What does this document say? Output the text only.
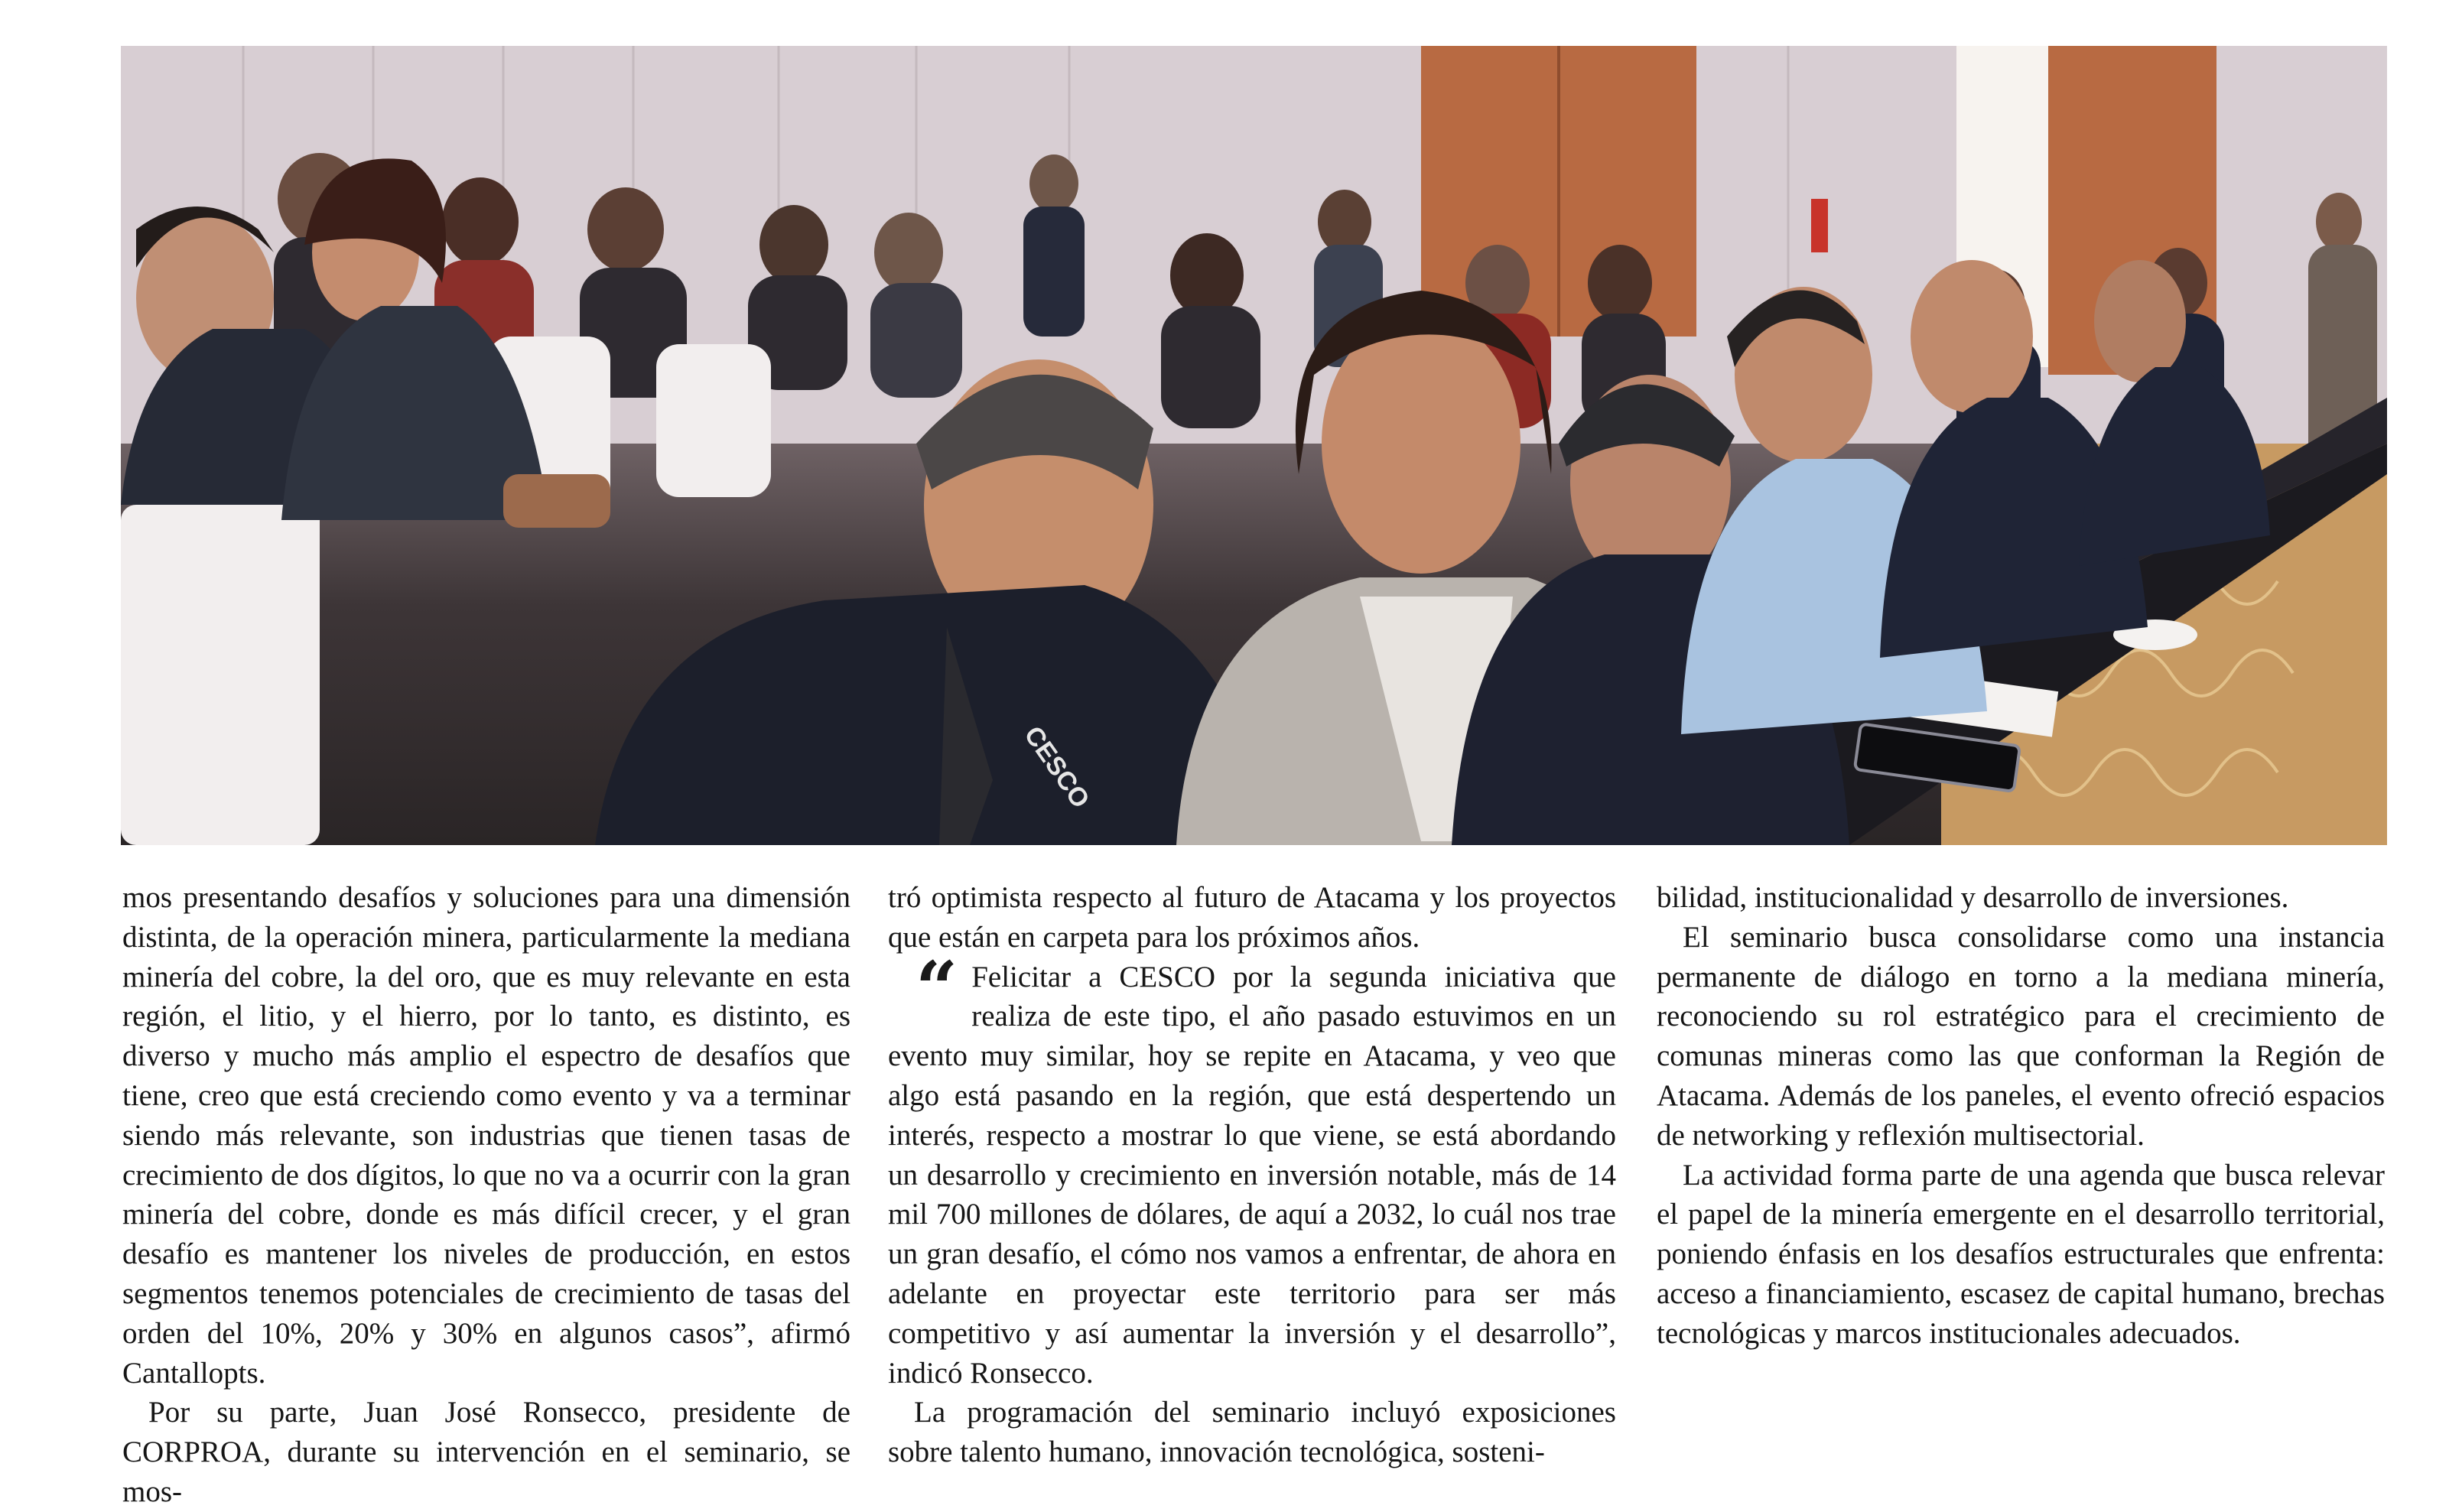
CESCO

mos presentando desafíos y soluciones para una dimensión distinta, de la operación minera, particularmente la mediana minería del cobre, la del oro, que es muy relevante en esta región, el litio, y el hierro, por lo tanto, es distinto, es diverso y mucho más amplio el espectro de desafíos que tiene, creo que está creciendo como evento y va a terminar siendo más relevante, son industrias que tienen tasas de crecimiento de dos dígitos, lo que no va a ocurrir con la gran minería del cobre, donde es más difícil crecer, y el gran desafío es mantener los niveles de producción, en estos segmentos tenemos potenciales de crecimiento de tasas del orden del 10%, 20% y 30% en algunos casos”, afirmó Cantallopts.

Por su parte, Juan José Ronsecco, presidente de CORPROA, durante su intervención en el seminario, se mos-

tró optimista respecto al futuro de Atacama y los proyectos que están en carpeta para los próximos años.

“ Felicitar a CESCO por la segunda iniciativa que realiza de este tipo, el año pasado estuvimos en un evento muy similar, hoy se repite en Atacama, y veo que algo está pasando en la región, que está despertendo un interés, respecto a mostrar lo que viene, se está abordando un desarrollo y crecimiento en inversión notable, más de 14 mil 700 millones de dólares, de aquí a 2032, lo cuál nos trae un gran desafío, el cómo nos vamos a enfrentar, de ahora en adelante en proyectar este territorio para ser más competitivo y así aumentar la inversión y el desarrollo”, indicó Ronsecco.

La programación del seminario incluyó exposiciones sobre talento humano, innovación tecnológica, sosteni-

bilidad, institucionalidad y desarrollo de inversiones.

El seminario busca consolidarse como una instancia permanente de diálogo en torno a la mediana minería, reconociendo su rol estratégico para el crecimiento de comunas mineras como las que conforman la Región de Atacama. Además de los paneles, el evento ofreció espacios de networking y reflexión multisectorial.

La actividad forma parte de una agenda que busca relevar el papel de la minería emergente en el desarrollo territorial, poniendo énfasis en los desafíos estructurales que enfrenta: acceso a financiamiento, escasez de capital humano, brechas tecnológicas y marcos institucionales adecuados.
